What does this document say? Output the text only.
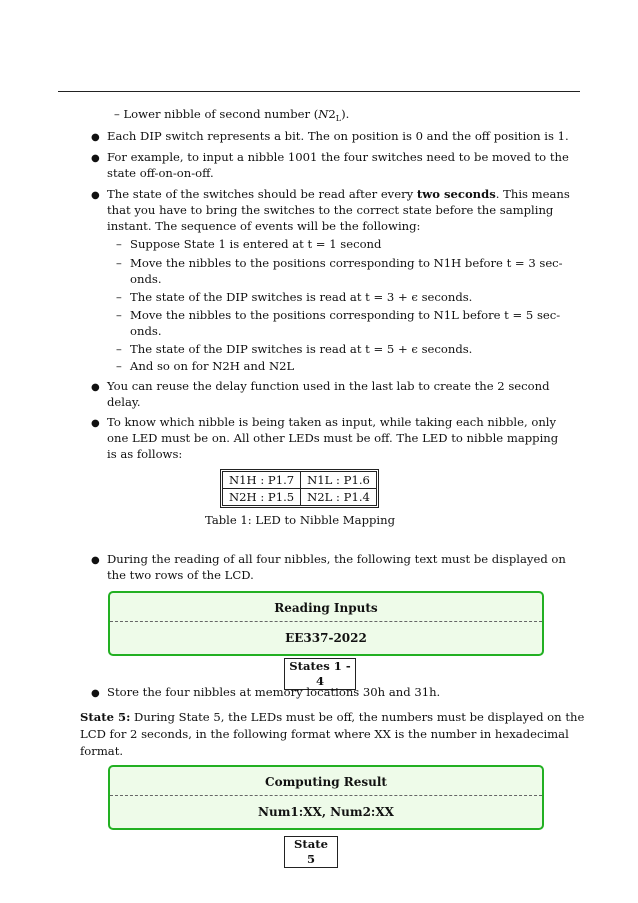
– Lower nibble of second number $(N2_L)$.
● Each DIP switch represents a bit. The on position is 0 and the off position is 1.
● For example, to input a nibble 1001 the four switches need to be moved to the
state off-on-on-off.
● The state of the switches should be read after every two seconds. This means
that you have to bring the switches to the correct state before the sampling
instant. The sequence of events will be the following:
– Suppose State 1 is entered at t = 1 second
– Move the nibbles to the positions corresponding to N1H before t = 3 sec-
onds.
– The state of the DIP switches is read at t = 3 + ϵ seconds.
– Move the nibbles to the positions corresponding to N1L before t = 5 sec-
onds.
– The state of the DIP switches is read at t = 5 + ϵ seconds.
– And so on for N2H and N2L
● You can reuse the delay function used in the last lab to create the 2 second
delay.
● To know which nibble is being taken as input, while taking each nibble, only
one LED must be on. All other LEDs must be off. The LED to nibble mapping
is as follows:
N1H : P1.7	N1L : P1.6
N2H : P1.5	N2L : P1.4
Table 1: LED to Nibble Mapping
● During the reading of all four nibbles, the following text must be displayed on
the two rows of the LCD.
Reading Inputs
EE337-2022
States 1 - 4
● Store the four nibbles at memory locations 30h and 31h.
State 5: During State 5, the LEDs must be off, the numbers must be displayed on the
LCD for 2 seconds, in the following format where XX is the number in hexadecimal
format.
Computing Result
Num1:XX, Num2:XX
State 5
